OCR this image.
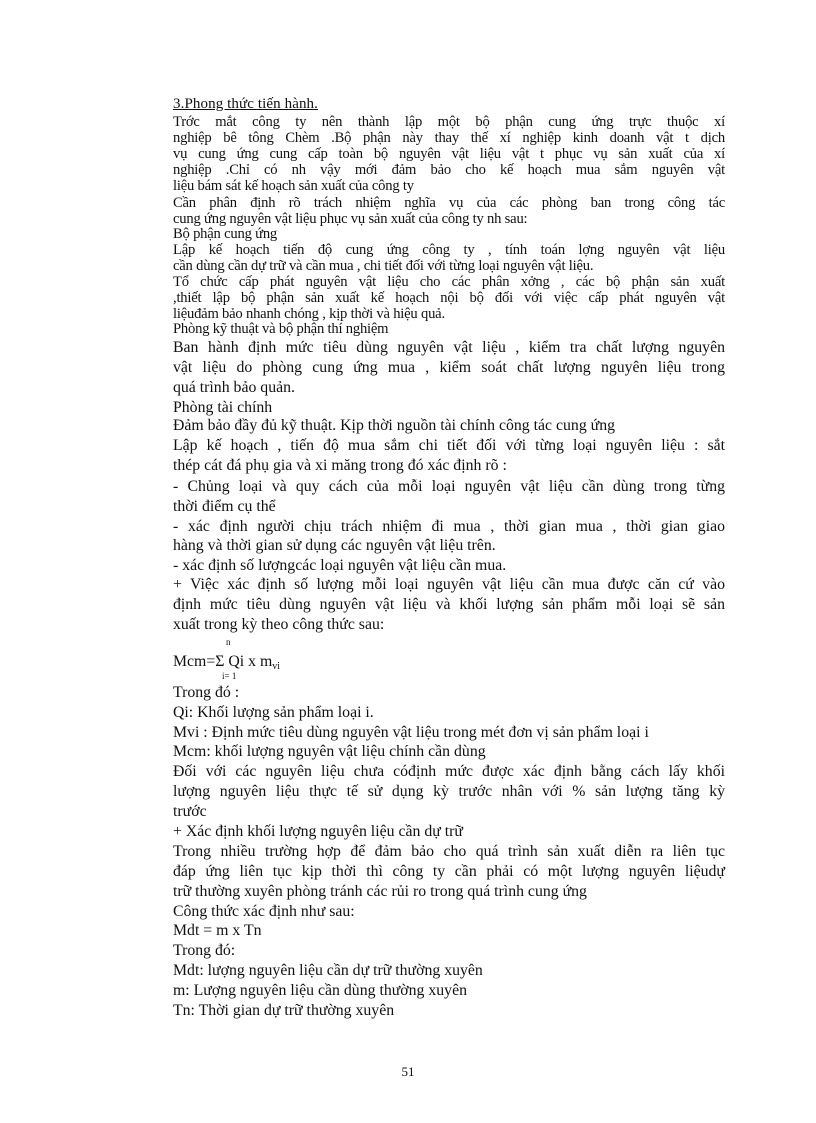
3.Phong thức tiến hành.
Trớc mắt công ty nên thành lập một bộ phận cung ứng trực thuộc xí
nghiệp bê tông Chèm .Bộ phận này thay thế xí nghiệp kinh doanh vật t dịch
vụ cung ứng cung cấp toàn bộ nguyên vật liệu vật t phục vụ sản xuất của xí
nghiệp .Chỉ có nh vậy mới đảm bảo cho kế hoạch mua sắm nguyên vật
liệu bám sát kế hoạch sản xuất của công ty
Cần phân định rõ trách nhiệm nghĩa vụ của các phòng ban trong công tác
cung ứng nguyên vật liệu phục vụ sản xuất của công ty nh sau:
Bộ phận cung ứng
Lập kế hoạch tiến độ cung ứng công ty , tính toán lợng nguyên vật liệu
cần dùng cần dự trữ và cần mua , chi tiết đối với từng loại nguyên vật liệu.
Tổ chức cấp phát nguyên vật liệu cho các phân xởng , các bộ phận sản xuất
,thiết lập bộ phận sản xuất kế hoạch nội bộ đối với việc cấp phát nguyên vật
liệuđảm bảo nhanh chóng , kịp thời và hiệu quả.
Phòng kỹ thuật và bộ phận thí nghiệm
Ban hành định mức tiêu dùng nguyên vật liệu , kiểm tra chất lượng nguyên
vật liệu do phòng cung ứng mua , kiểm soát chất lượng nguyên liệu trong
quá trình bảo quản.
Phòng tài chính
Đảm bảo đầy đủ kỹ thuật. Kịp thời nguồn tài chính công tác cung ứng
Lập kế hoạch , tiến độ mua sắm chi tiết đối với từng loại nguyên liệu : sắt
thép cát đá phụ gia và xi măng trong đó xác định rõ :
- Chủng loại và quy cách của mỗi loại nguyên vật liệu cần dùng trong từng
thời điểm cụ thể
- xác định người chịu trách nhiệm đi mua , thời gian mua , thời gian giao
hàng và thời gian sử dụng các nguyên vật liệu trên.
- xác định số lượngcác loại nguyên vật liệu cần mua.
+ Việc xác định số lượng mỗi loại nguyên vật liệu cần mua được căn cứ vào
định mức tiêu dùng nguyên vật liệu và khối lượng sản phẩm mỗi loại sẽ sản
xuất trong kỳ theo công thức sau:
n
Mcm=Σ Qi x mvi
i= 1
Trong đó :
Qi: Khối lượng sản phẩm loại i.
Mvi : Định mức tiêu dùng nguyên vật liệu trong mét đơn vị sản phẩm loại i
Mcm: khối lượng nguyên vật liệu chính cần dùng
Đối với các nguyên liệu chưa cóđịnh mức được xác định bằng cách lấy khối
lượng nguyên liệu thực tế sử dụng kỳ trước nhân với % sản lượng tăng kỳ
trước
+ Xác định khối lượng nguyên liệu cần dự trữ
Trong nhiều trường hợp để đảm bảo cho quá trình sản xuất diễn ra liên tục
đáp ứng liên tục kịp thời thì công ty cần phải có một lượng nguyên liệudự
trữ thường xuyên phòng tránh các rủi ro trong quá trình cung ứng
Công thức xác định như sau:
Mdt = m x Tn
Trong đó:
Mdt: lượng nguyên liệu cần dự trữ thường xuyên
m: Lượng nguyên liệu cần dùng thường xuyên
Tn: Thời gian dự trữ thường xuyên
51
